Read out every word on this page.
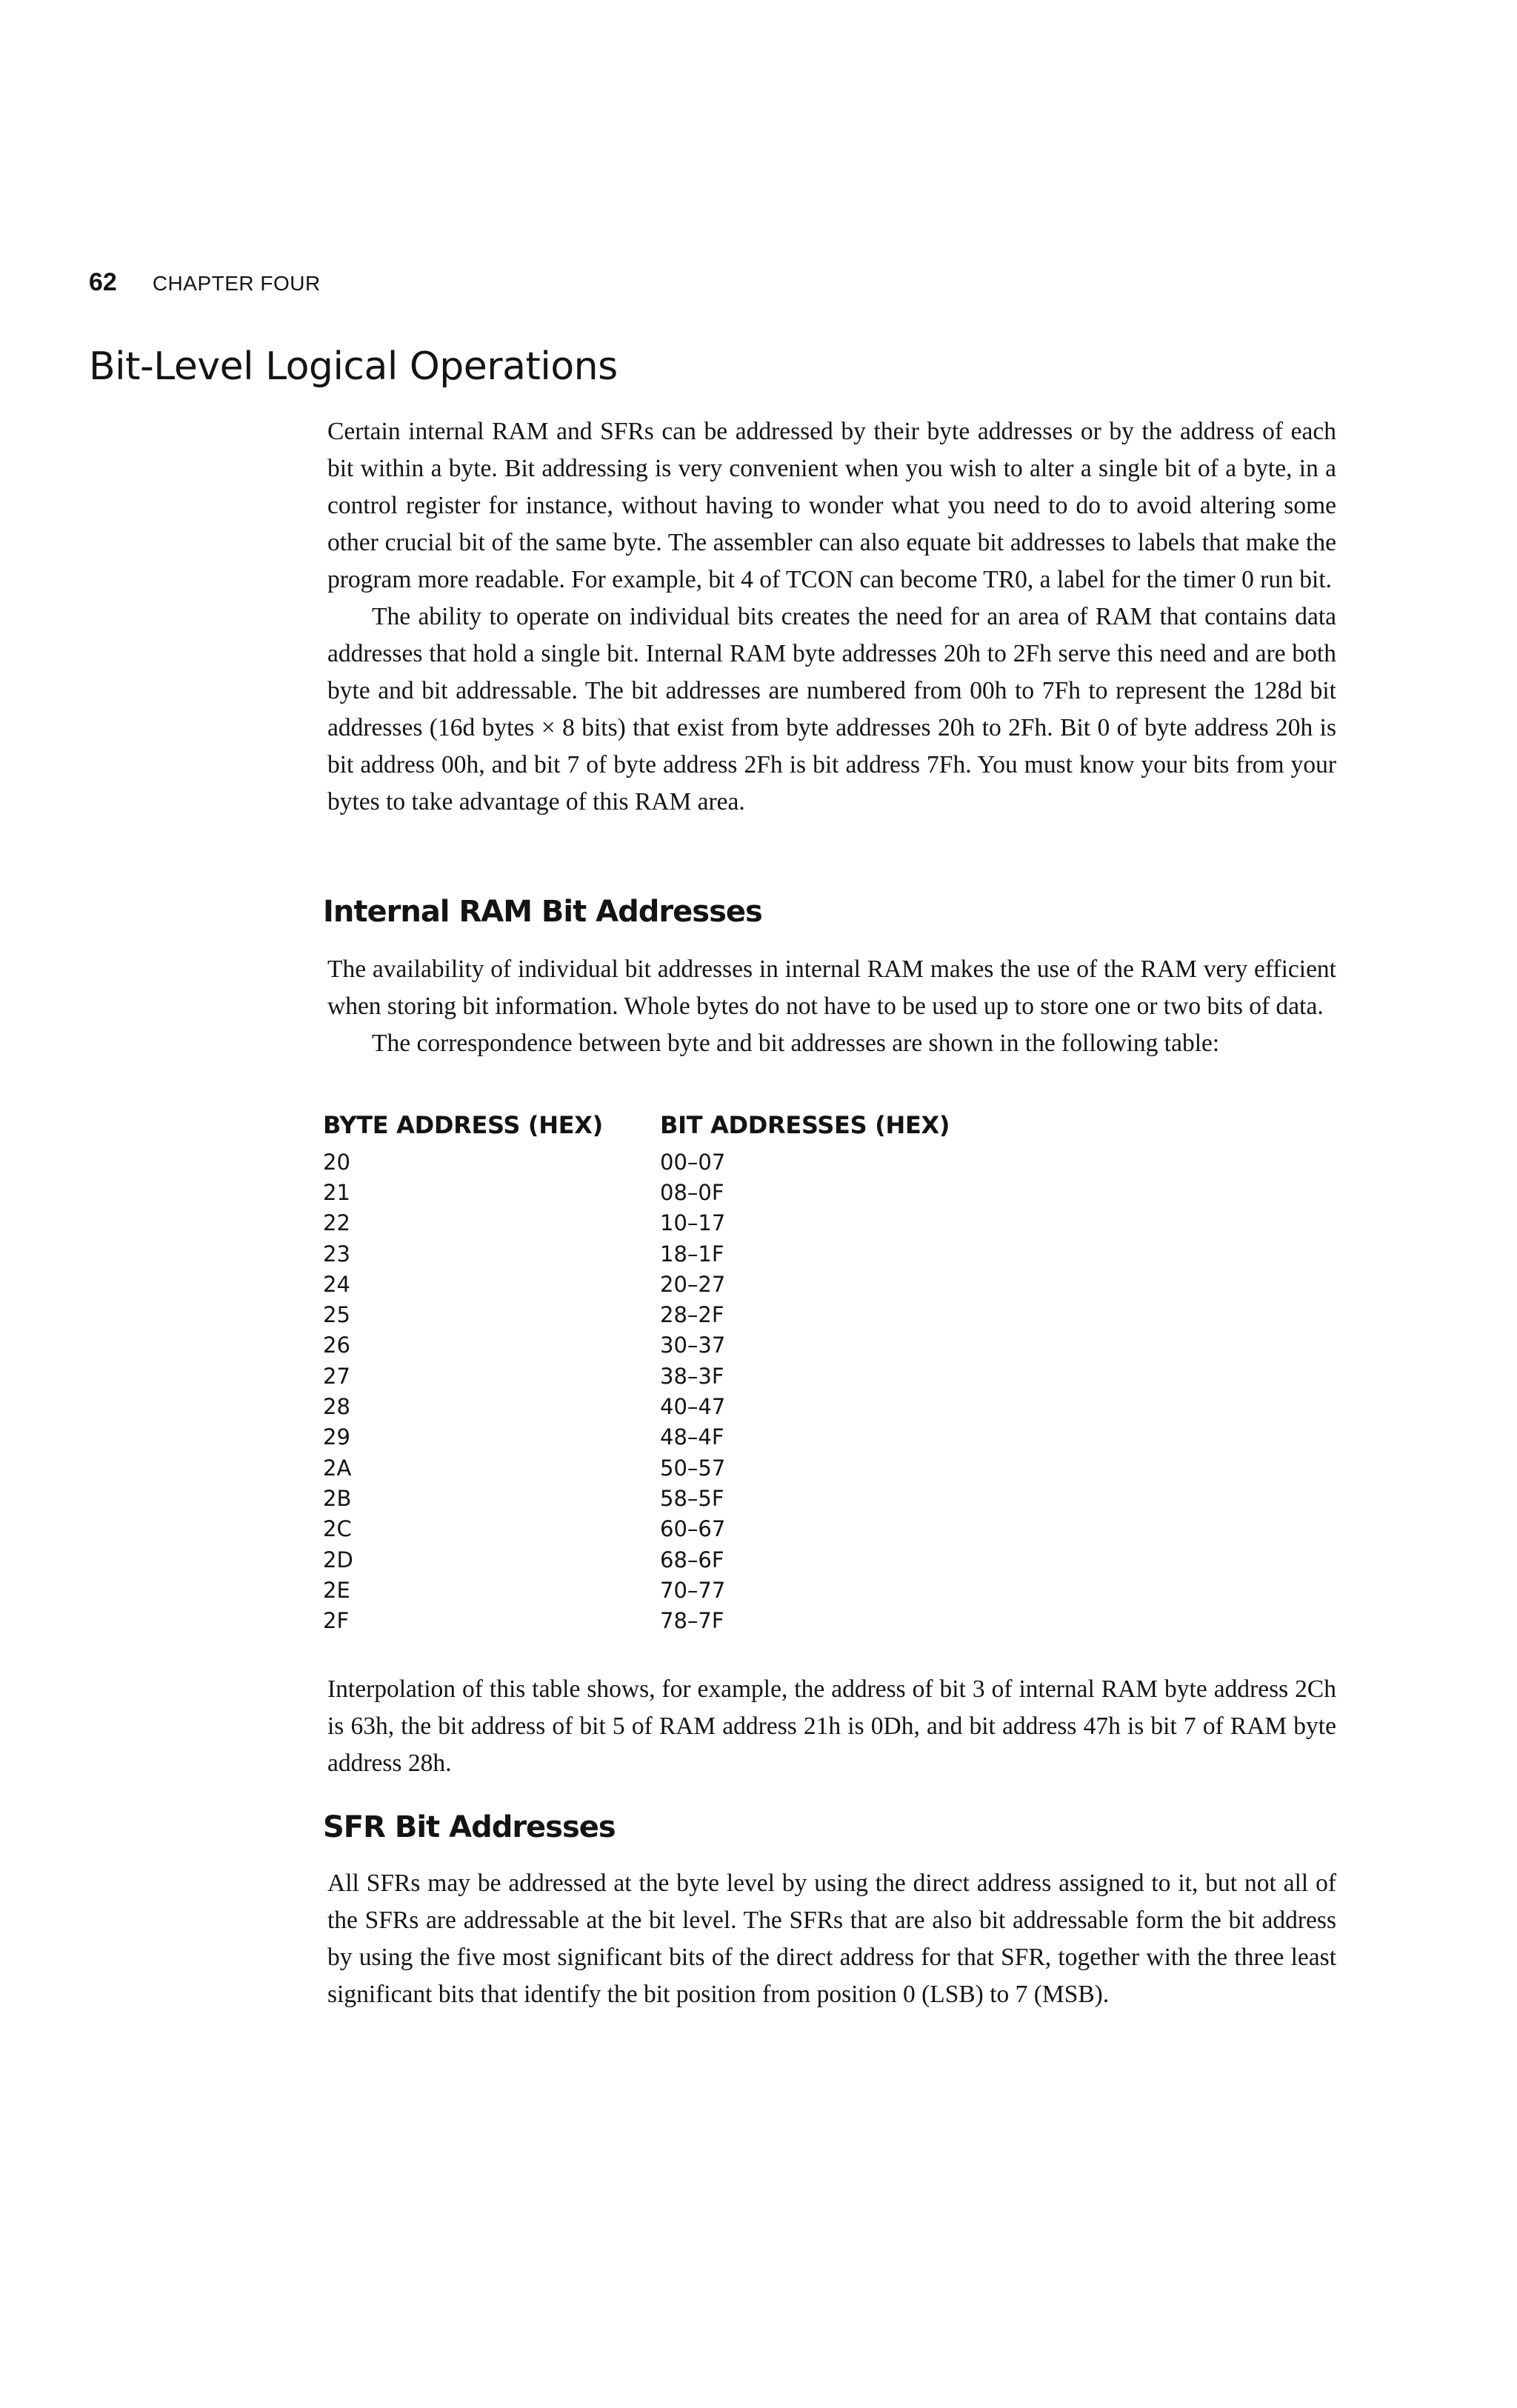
62 CHAPTER FOUR
Bit-Level Logical Operations

Certain internal RAM and SFRs can be addressed by their byte addresses or by the address of each bit within a byte. Bit addressing is very convenient when you wish to alter a single bit of a byte, in a control register for instance, without having to wonder what you need to do to avoid altering some other crucial bit of the same byte. The assembler can also equate bit addresses to labels that make the program more readable. For example, bit 4 of TCON can become TR0, a label for the timer 0 run bit.

The ability to operate on individual bits creates the need for an area of RAM that contains data addresses that hold a single bit. Internal RAM byte addresses 20h to 2Fh serve this need and are both byte and bit addressable. The bit addresses are numbered from 00h to 7Fh to represent the 128d bit addresses (16d bytes × 8 bits) that exist from byte addresses 20h to 2Fh. Bit 0 of byte address 20h is bit address 00h, and bit 7 of byte address 2Fh is bit address 7Fh. You must know your bits from your bytes to take advantage of this RAM area.

Internal RAM Bit Addresses

The availability of individual bit addresses in internal RAM makes the use of the RAM very efficient when storing bit information. Whole bytes do not have to be used up to store one or two bits of data.

The correspondence between byte and bit addresses are shown in the following table:

BYTE ADDRESS (HEX)	BIT ADDRESSES (HEX)
20	00–07
21	08–0F
22	10–17
23	18–1F
24	20–27
25	28–2F
26	30–37
27	38–3F
28	40–47
29	48–4F
2A	50–57
2B	58–5F
2C	60–67
2D	68–6F
2E	70–77
2F	78–7F

Interpolation of this table shows, for example, the address of bit 3 of internal RAM byte address 2Ch is 63h, the bit address of bit 5 of RAM address 21h is 0Dh, and bit address 47h is bit 7 of RAM byte address 28h.

SFR Bit Addresses

All SFRs may be addressed at the byte level by using the direct address assigned to it, but not all of the SFRs are addressable at the bit level. The SFRs that are also bit addressable form the bit address by using the five most significant bits of the direct address for that SFR, together with the three least significant bits that identify the bit position from position 0 (LSB) to 7 (MSB).
